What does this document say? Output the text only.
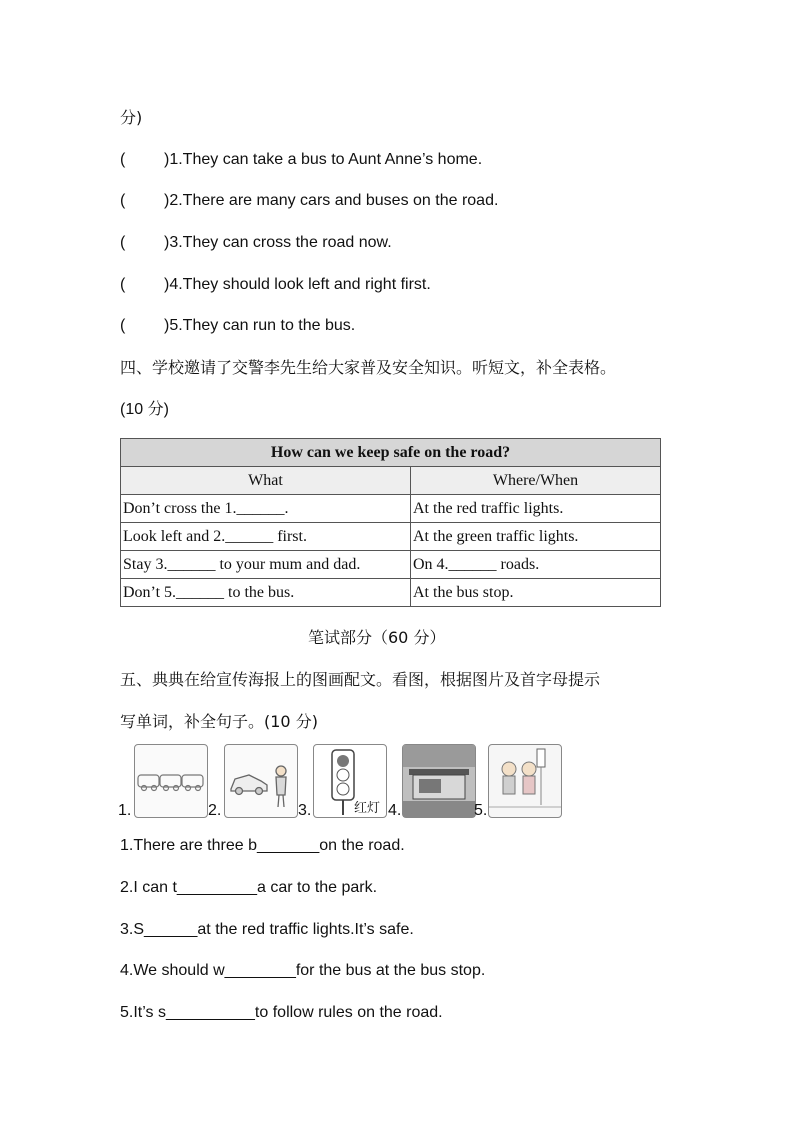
分)
( )1.They can take a bus to Aunt Anne’s home.
( )2.There are many cars and buses on the road.
( )3.They can cross the road now.
( )4.They should look left and right first.
( )5.They can run to the bus.
四、学校邀请了交警李先生给大家普及安全知识。听短文，补全表格。
(10 分)
How can we keep safe on the road?	
What	Where/When
Don’t cross the 1.______.	At the red traffic lights.
Look left and 2.______ first.	At the green traffic lights.
Stay 3.______ to your mum and dad.	On 4.______ roads.
Don’t 5.______ to the bus.	At the bus stop.
笔试部分（60 分）
五、典典在给宣传海报上的图画配文。看图，根据图片及首字母提示
写单词，补全句子。(10 分)
1.	2.	3.	红灯 4.	5.
1.There are three b_______on the road.
2.I can t_________a car to the park.
3.S______at the red traffic lights.It’s safe.
4.We should w________for the bus at the bus stop.
5.It’s s__________to follow rules on the road.
